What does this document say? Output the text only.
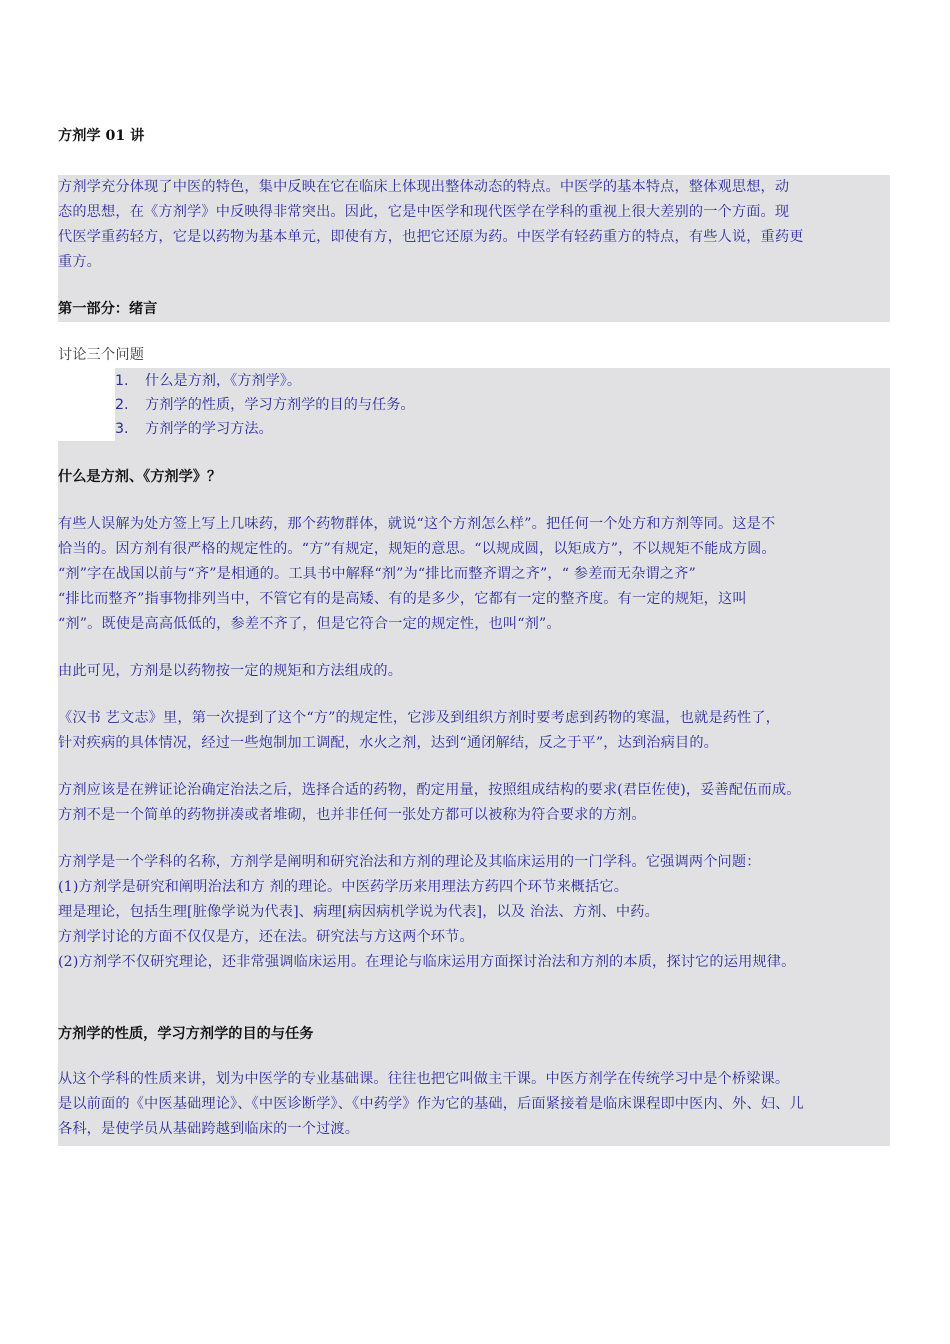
方剂学 01 讲
方剂学充分体现了中医的特色，集中反映在它在临床上体现出整体动态的特点。中医学的基本特点，整体观思想，动
态的思想，在《方剂学》中反映得非常突出。因此，它是中医学和现代医学在学科的重视上很大差别的一个方面。现
代医学重药轻方，它是以药物为基本单元，即使有方，也把它还原为药。中医学有轻药重方的特点，有些人说，重药更
重方。
第一部分：绪言
讨论三个问题
1. 什么是方剂，《方剂学》。
2. 方剂学的性质，学习方剂学的目的与任务。
3. 方剂学的学习方法。
什么是方剂、《方剂学》？
有些人误解为处方签上写上几味药，那个药物群体，就说“这个方剂怎么样”。把任何一个处方和方剂等同。这是不
恰当的。因方剂有很严格的规定性的。“方”有规定，规矩的意思。“以规成圆，以矩成方”，不以规矩不能成方圆。
“剂”字在战国以前与“齐”是相通的。工具书中解释“剂”为“排比而整齐谓之齐”，“ 参差而无杂谓之齐”
“排比而整齐”指事物排列当中，不管它有的是高矮、有的是多少，它都有一定的整齐度。有一定的规矩，这叫
“剂”。既使是高高低低的，参差不齐了，但是它符合一定的规定性，也叫“剂”。
由此可见，方剂是以药物按一定的规矩和方法组成的。
《汉书 艺文志》里，第一次提到了这个“方”的规定性，它涉及到组织方剂时要考虑到药物的寒温，也就是药性了，
针对疾病的具体情况，经过一些炮制加工调配，水火之剂，达到“通闭解结，反之于平”，达到治病目的。
方剂应该是在辨证论治确定治法之后，选择合适的药物，酌定用量，按照组成结构的要求(君臣佐使)，妥善配伍而成。
方剂不是一个简单的药物拼凑或者堆砌，也并非任何一张处方都可以被称为符合要求的方剂。
方剂学是一个学科的名称，方剂学是阐明和研究治法和方剂的理论及其临床运用的一门学科。它强调两个问题：
(1)方剂学是研究和阐明治法和方 剂的理论。中医药学历来用理法方药四个环节来概括它。
理是理论，包括生理[脏像学说为代表]、病理[病因病机学说为代表]，以及 治法、方剂、中药。
方剂学讨论的方面不仅仅是方，还在法。研究法与方这两个环节。
(2)方剂学不仅研究理论，还非常强调临床运用。在理论与临床运用方面探讨治法和方剂的本质，探讨它的运用规律。
方剂学的性质，学习方剂学的目的与任务
从这个学科的性质来讲，划为中医学的专业基础课。往往也把它叫做主干课。中医方剂学在传统学习中是个桥梁课。
是以前面的《中医基础理论》、《中医诊断学》、《中药学》作为它的基础，后面紧接着是临床课程即中医内、外、妇、儿
各科，是使学员从基础跨越到临床的一个过渡。
